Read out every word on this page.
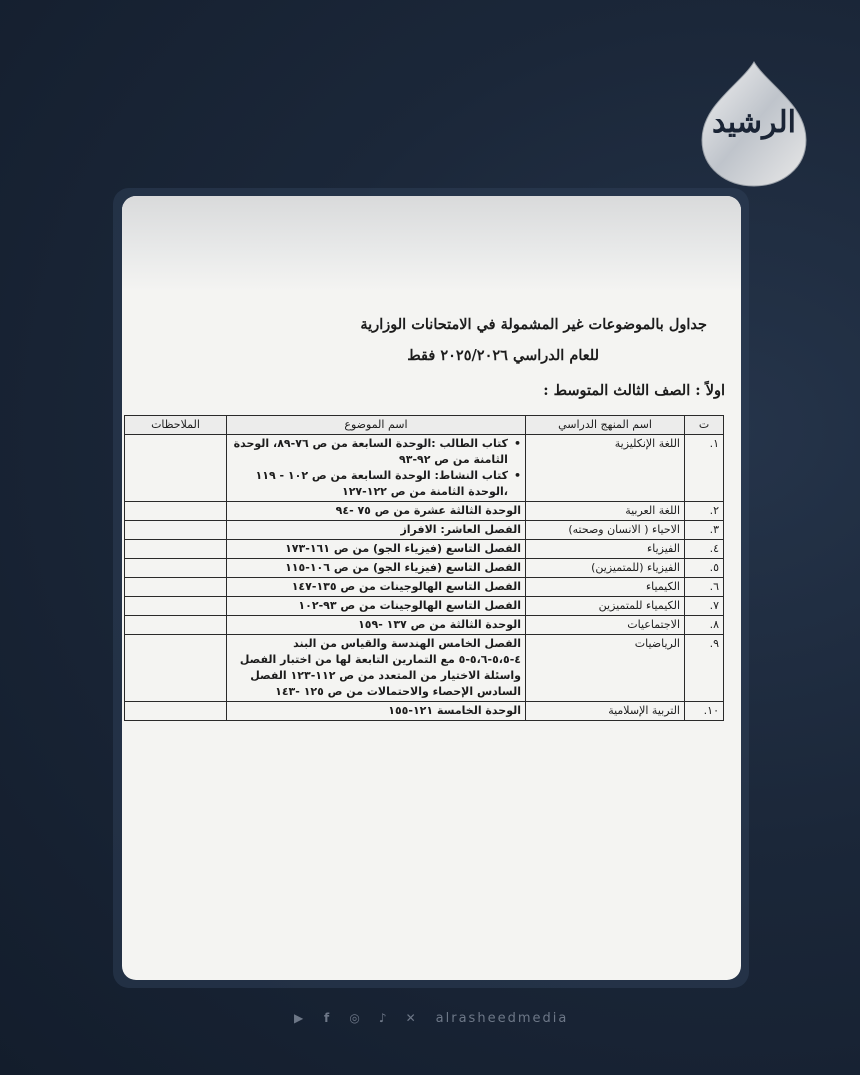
الرشيد
جداول بالموضوعات غير المشمولة في الامتحانات الوزارية
للعام الدراسي ٢٠٢٥/٢٠٢٦ فقط
اولاً : الصف الثالث المتوسط :
ت	اسم المنهج الدراسي	اسم الموضوع	الملاحظات
١.	اللغة الإنكليزية	•
كتاب الطالب :الوحدة السابعة من ص ٧٦-٨٩، الوحدة الثامنة من ص ٩٢-٩٣
•
كتاب النشاط: الوحدة السابعة من ص ١٠٢ - ١١٩ ،الوحدة الثامنة من ص ١٢٢-١٢٧	

٢.	اللغة العربية	الوحدة الثالثة عشرة من ص ٧٥ -٩٤	
٣.	الاحياء ( الانسان وصحته)	الفصل العاشر: الافراز	
٤.	الفيزياء	الفصل التاسع (فيزياء الجو) من ص ١٦١-١٧٣	
٥.	الفيزياء (للمتميزين)	الفصل التاسع (فيزياء الجو) من ص ١٠٦-١١٥	
٦.	الكيمياء	الفصل التاسع الهالوجينات من ص ١٣٥-١٤٧	
٧.	الكيمياء للمتميزين	الفصل التاسع الهالوجينات من ص ٩٣-١٠٢	
٨.	الاجتماعيات	الوحدة الثالثة من ص ١٣٧ -١٥٩	
٩.	الرياضيات	الفصل الخامس الهندسة والقياس من البند ٤-٥،٥-٥،٦-٥ مع التمارين التابعة لها من اختبار الفصل واسئلة الاختيار من المتعدد من ص ١١٢-١٢٣ الفصل السادس الإحصاء والاحتمالات من ص ١٢٥ -١٤٣	
١٠.	التربية الإسلامية	الوحدة الخامسة ١٢١-١٥٥	
▶	f	◎ ♪ ✕ alrasheedmedia
